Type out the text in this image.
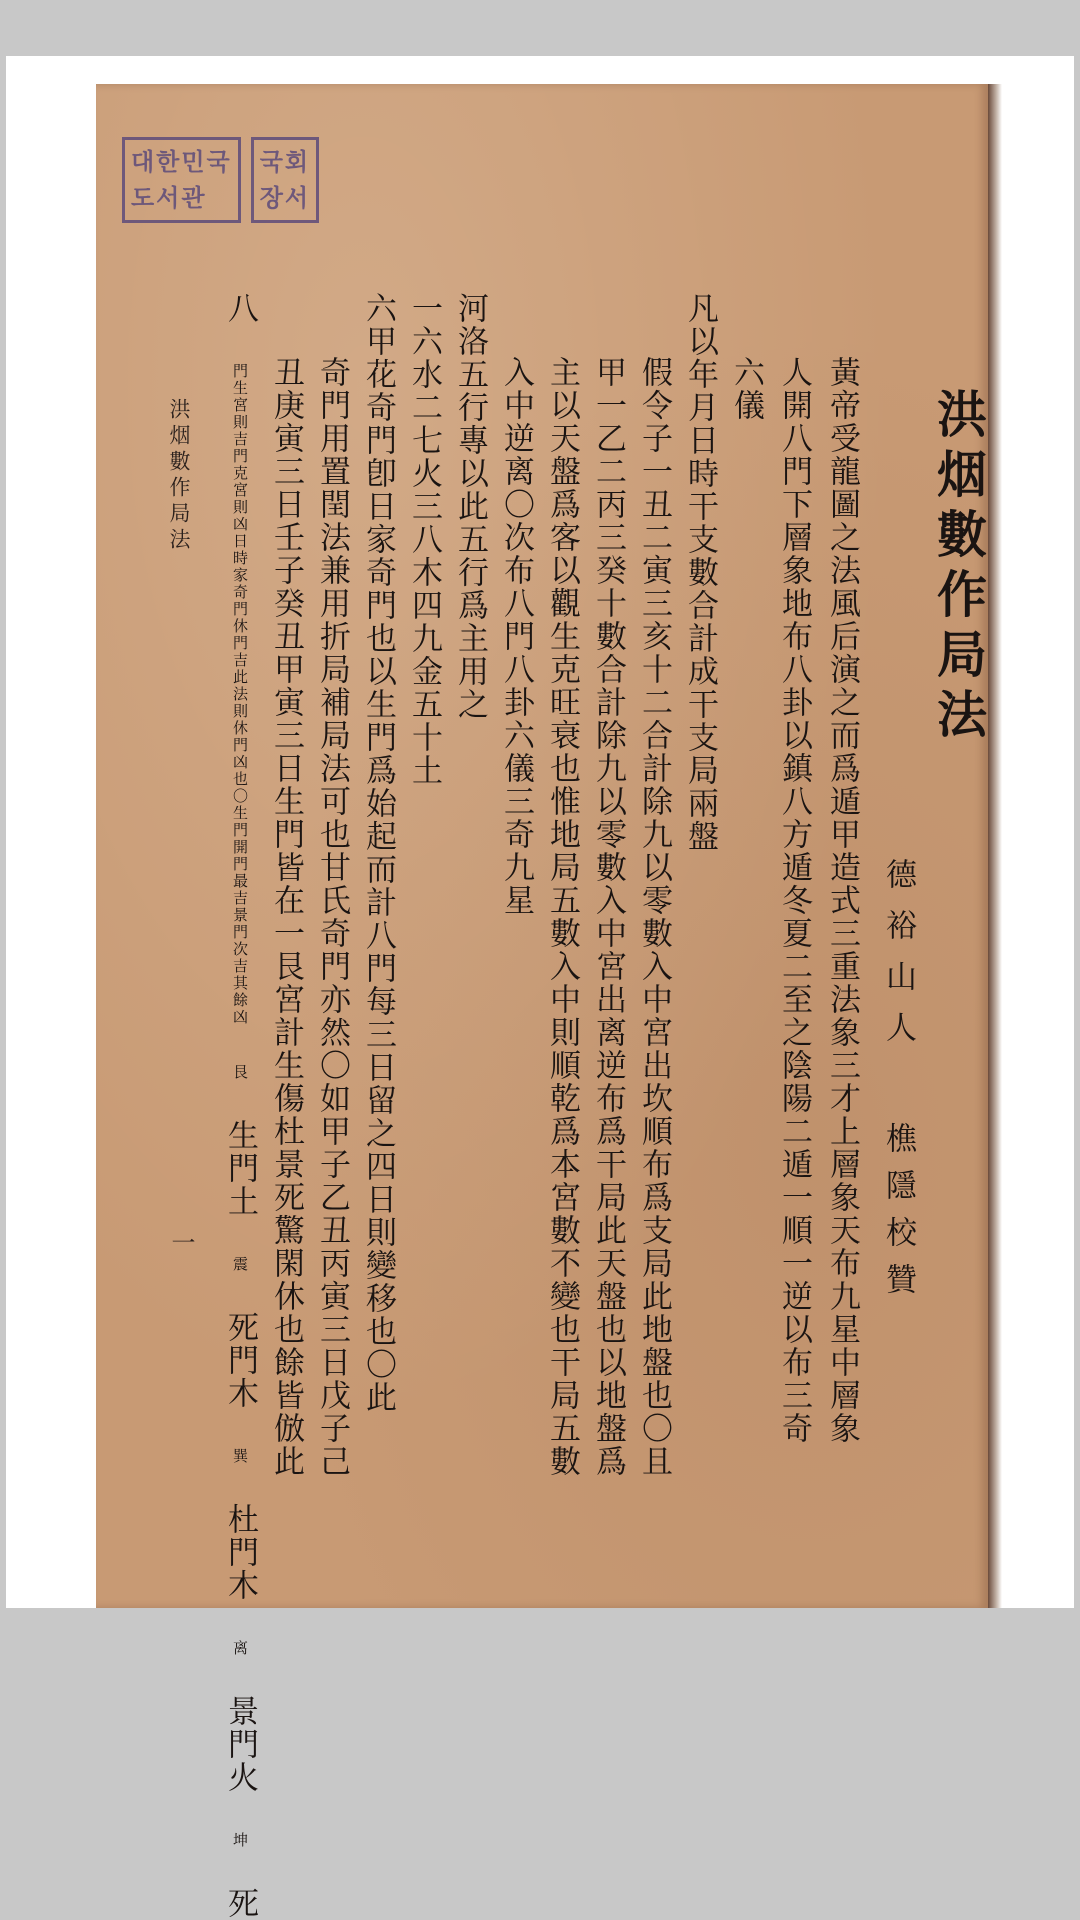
대한민국
도서관
국회
장서
洪烟數作局法
德裕山人
樵隱校贊
黃帝受龍圖之法風后演之而爲遁甲造式三重法象三才上層象天布九星中層象
人開八門下層象地布八卦以鎮八方遁冬夏二至之陰陽二遁一順一逆以布三奇
六儀
凡以年月日時干支數合計成干支局兩盤
假令子一丑二寅三亥十二合計除九以零數入中宮出坎順布爲支局此地盤也〇且
甲一乙二丙三癸十數合計除九以零數入中宮出离逆布爲干局此天盤也以地盤爲
主以天盤爲客以觀生克旺衰也惟地局五數入中則順乾爲本宮數不變也干局五數
入中逆离〇次布八門八卦六儀三奇九星
河洛五行專以此五行爲主用之
一六水二七火三八木四九金五十土
六甲花奇門卽日家奇門也以生門爲始起而計八門每三日留之四日則變移也〇此
奇門用置閏法兼用折局補局法可也甘氏奇門亦然〇如甲子乙丑丙寅三日戊子己
丑庚寅三日壬子癸丑甲寅三日生門皆在一艮宮計生傷杜景死驚閑休也餘皆倣此
八
門生宮則吉門克宮則凶日時家奇門休門吉此法
則休門凶也〇生門開門最吉景門次吉其餘凶
艮 生門土 震 死門木 巽 杜門木 离 景門火 坤 死
洪烟數作局法
一
